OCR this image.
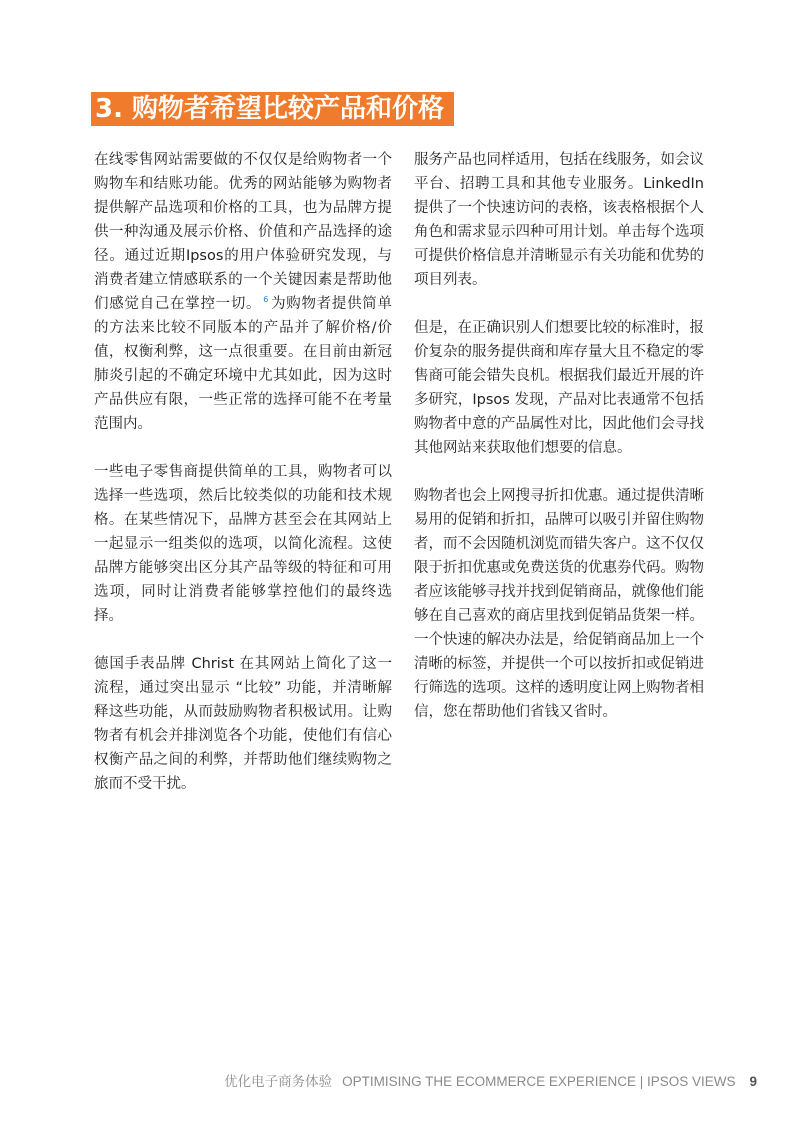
3. 购物者希望比较产品和价格

在线零售网站需要做的不仅仅是给购物者一个购物车和结账功能。优秀的网站能够为购物者提供解产品选项和价格的工具，也为品牌方提供一种沟通及展示价格、价值和产品选择的途径。通过近期Ipsos的用户体验研究发现，与消费者建立情感联系的一个关键因素是帮助他们感觉自己在掌控一切。 $^6$ 为购物者提供简单的方法来比较不同版本的产品并了解价格/价值，权衡利弊，这一点很重要。在目前由新冠肺炎引起的不确定环境中尤其如此，因为这时产品供应有限，一些正常的选择可能不在考量范围内。

一些电子零售商提供简单的工具，购物者可以选择一些选项，然后比较类似的功能和技术规格。在某些情况下，品牌方甚至会在其网站上一起显示一组类似的选项，以简化流程。这使品牌方能够突出区分其产品等级的特征和可用选项，同时让消费者能够掌控他们的最终选择。

德国手表品牌 Christ 在其网站上简化了这一流程，通过突出显示 “比较” 功能，并清晰解释这些功能，从而鼓励购物者积极试用。让购物者有机会并排浏览各个功能，使他们有信心权衡产品之间的利弊，并帮助他们继续购物之旅而不受干扰。

服务产品也同样适用，包括在线服务，如会议平台、招聘工具和其他专业服务。LinkedIn提供了一个快速访问的表格，该表格根据个人角色和需求显示四种可用计划。单击每个选项可提供价格信息并清晰显示有关功能和优势的项目列表。

但是，在正确识别人们想要比较的标准时，报价复杂的服务提供商和库存量大且不稳定的零售商可能会错失良机。根据我们最近开展的许多研究，Ipsos 发现，产品对比表通常不包括购物者中意的产品属性对比，因此他们会寻找其他网站来获取他们想要的信息。

购物者也会上网搜寻折扣优惠。通过提供清晰易用的促销和折扣，品牌可以吸引并留住购物者，而不会因随机浏览而错失客户。这不仅仅限于折扣优惠或免费送货的优惠券代码。购物者应该能够寻找并找到促销商品，就像他们能够在自己喜欢的商店里找到促销品货架一样。一个快速的解决办法是，给促销商品加上一个清晰的标签，并提供一个可以按折扣或促销进行筛选的选项。这样的透明度让网上购物者相信，您在帮助他们省钱又省时。

优化电子商务体验 OPTIMISING THE ECOMMERCE EXPERIENCE | IPSOS VIEWS 9
